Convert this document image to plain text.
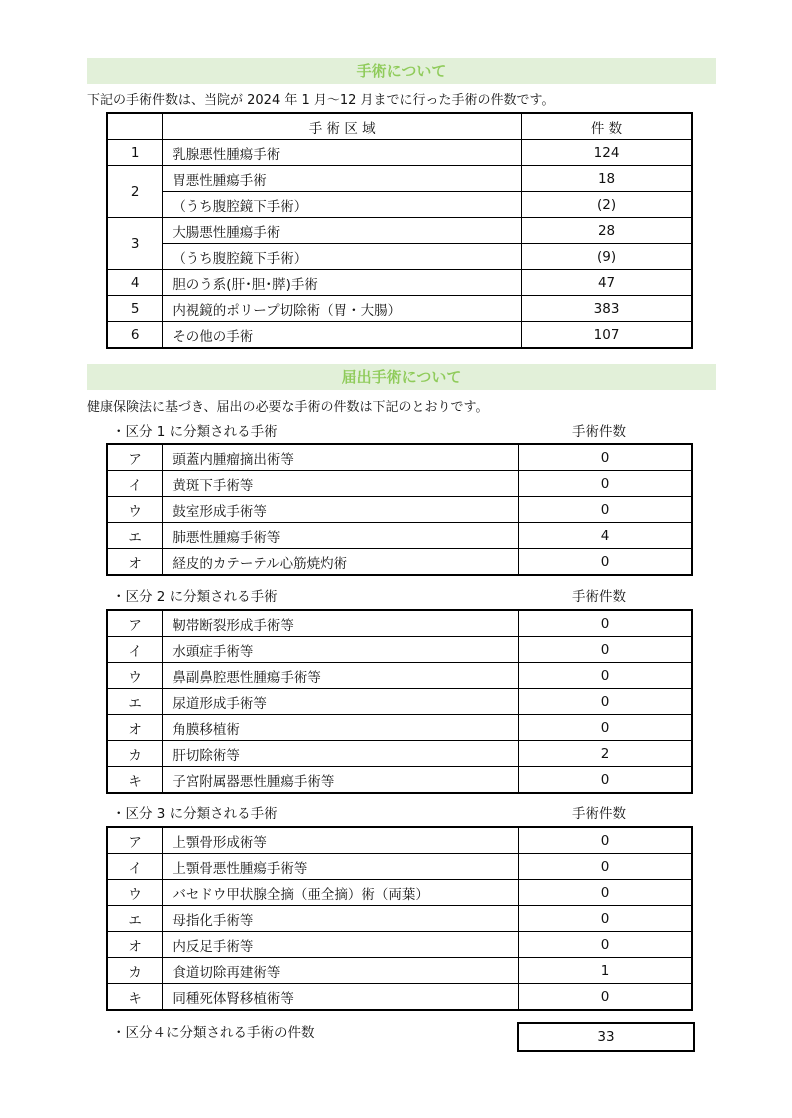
手術について
下記の手術件数は、当院が 2024 年 1 月～12 月までに行った手術の件数です。
	手 術 区 域	件 数
1	乳腺悪性腫瘍手術	124
2	胃悪性腫瘍手術	18
	（うち腹腔鏡下手術）	(2)
3	大腸悪性腫瘍手術	28
	（うち腹腔鏡下手術）	(9)
4	胆のう系(肝･胆･膵)手術	47
5	内視鏡的ポリープ切除術（胃・大腸）	383
6	その他の手術	107
届出手術について
健康保険法に基づき、届出の必要な手術の件数は下記のとおりです。
・区分 1 に分類される手術	手術件数
ア	頭蓋内腫瘤摘出術等	0
イ	黄斑下手術等	0
ウ	鼓室形成手術等	0
エ	肺悪性腫瘍手術等	4
オ	経皮的カテーテル心筋焼灼術	0
・区分 2 に分類される手術	手術件数
ア	靭帯断裂形成手術等	0
イ	水頭症手術等	0
ウ	鼻副鼻腔悪性腫瘍手術等	0
エ	尿道形成手術等	0
オ	角膜移植術	0
カ	肝切除術等	2
キ	子宮附属器悪性腫瘍手術等	0
・区分 3 に分類される手術	手術件数
ア	上顎骨形成術等	0
イ	上顎骨悪性腫瘍手術等	0
ウ	バセドウ甲状腺全摘（亜全摘）術（両葉）	0
エ	母指化手術等	0
オ	内反足手術等	0
カ	食道切除再建術等	1
キ	同種死体腎移植術等	0
・区分４に分類される手術の件数	33
